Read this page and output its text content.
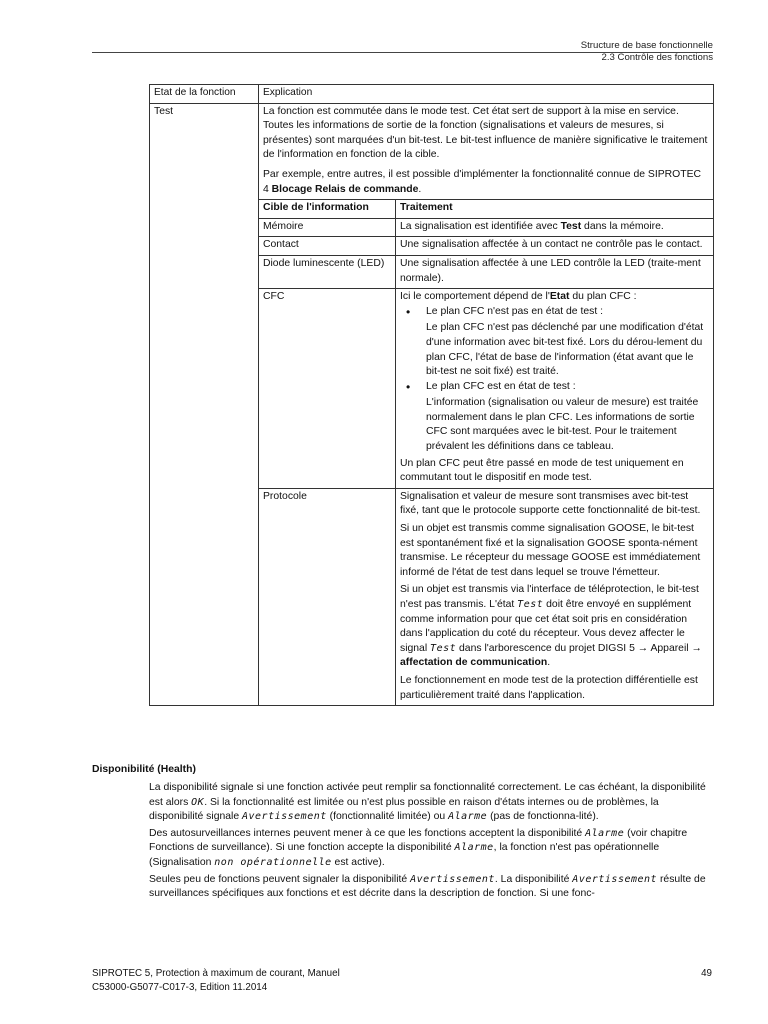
Structure de base fonctionnelle
2.3 Contrôle des fonctions
Etat de la fonction	Explication
Test	La fonction est commutée dans le mode test. Cet état sert de support à la mise en service. Toutes les informations de sortie de la fonction (signalisations et valeurs de mesures, si présentes) sont marquées d'un bit-test. Le bit-test influence de manière significative le traitement de l'information en fonction de la cible.
Par exemple, entre autres, il est possible d'implémenter la fonctionnalité connue de SIPROTEC 4 Blocage Relais de commande.
Cible de l'information	Traitement
Mémoire	La signalisation est identifiée avec Test dans la mémoire.
Contact	Une signalisation affectée à un contact ne contrôle pas le contact.
Diode luminescente (LED)	Une signalisation affectée à une LED contrôle la LED (traite-ment normale).
CFC	Ici le comportement dépend de l'Etat du plan CFC :
• Le plan CFC n'est pas en état de test :
Le plan CFC n'est pas déclenché par une modification d'état d'une information avec bit-test fixé. Lors du dérou-lement du plan CFC, l'état de base de l'information (état avant que le bit-test ne soit fixé) est traité.
• Le plan CFC est en état de test :
L'information (signalisation ou valeur de mesure) est traitée normalement dans le plan CFC. Les informations de sortie CFC sont marquées avec le bit-test. Pour le traitement prévalent les définitions dans ce tableau.
Un plan CFC peut être passé en mode de test uniquement en commutant tout le dispositif en mode test.

Protocole	Signalisation et valeur de mesure sont transmises avec bit-test fixé, tant que le protocole supporte cette fonctionnalité de bit-test.
Si un objet est transmis comme signalisation GOOSE, le bit-test est spontanément fixé et la signalisation GOOSE sponta-nément transmise. Le récepteur du message GOOSE est immédiatement informé de l'état de test dans lequel se trouve l'émetteur.
Si un objet est transmis via l'interface de téléprotection, le bit-test n'est pas transmis. L'état Test doit être envoyé en supplément comme information pour que cet état soit pris en considération dans l'application du coté du récepteur. Vous devez affecter le signal Test dans l'arborescence du projet DIGSI 5 → Appareil → affectation de communication.
Le fonctionnement en mode test de la protection différentielle est particulièrement traité dans l'application.
Disponibilité (Health)

La disponibilité signale si une fonction activée peut remplir sa fonctionnalité correctement. Le cas échéant, la disponibilité est alors OK. Si la fonctionnalité est limitée ou n'est plus possible en raison d'états internes ou de problèmes, la disponibilité signale Avertissement (fonctionnalité limitée) ou Alarme (pas de fonctionna-lité).

Des autosurveillances internes peuvent mener à ce que les fonctions acceptent la disponibilité Alarme (voir chapitre Fonctions de surveillance). Si une fonction accepte la disponibilité Alarme, la fonction n'est pas opérationnelle (Signalisation non opérationnelle est active).

Seules peu de fonctions peuvent signaler la disponibilité Avertissement. La disponibilité Avertissement résulte de surveillances spécifiques aux fonctions et est décrite dans la description de fonction. Si une fonc-

SIPROTEC 5, Protection à maximum de courant, Manuel
C53000-G5077-C017-3, Edition 11.2014
49
